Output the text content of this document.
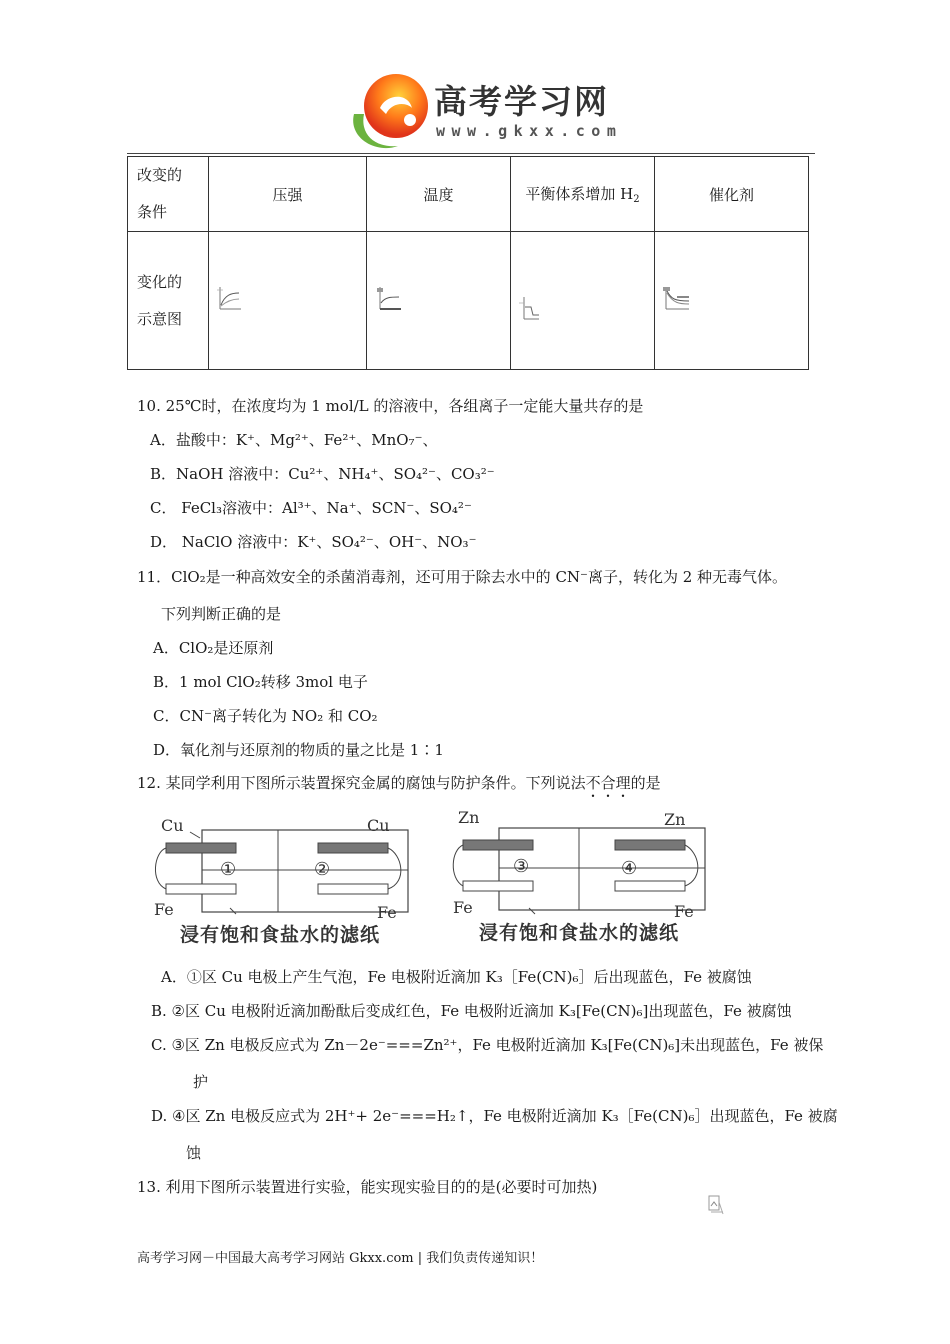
高考学习网
www.gkxx.com
改变的
条件	压强	温度	平衡体系增加 $H_2$	催化剂
变化的
示意图				
10. 25℃时，在浓度均为 1 mol/L 的溶液中，各组离子一定能大量共存的是
A．盐酸中：K⁺、Mg²⁺、Fe²⁺、MnO₇⁻、
B．NaOH 溶液中：Cu²⁺、NH₄⁺、SO₄²⁻、CO₃²⁻
C． FeCl₃溶液中：Al³⁺、Na⁺、SCN⁻、SO₄²⁻
D． NaClO 溶液中：K⁺、SO₄²⁻、OH⁻、NO₃⁻
11．ClO₂是一种高效安全的杀菌消毒剂，还可用于除去水中的 CN⁻离子，转化为 2 种无毒气体。
下列判断正确的是
A．ClO₂是还原剂
B．1 mol ClO₂转移 3mol 电子
C．CN⁻离子转化为 NO₂ 和 CO₂
D．氧化剂与还原剂的物质的量之比是 1∶1
12. 某同学利用下图所示装置探究金属的腐蚀与防护条件。下列说法不合理的是
Cu	Cu
Fe	Fe
①	②
浸有饱和食盐水的滤纸
Zn	Zn
Fe	Fe
③	④
浸有饱和食盐水的滤纸
A．①区 Cu 电极上产生气泡，Fe 电极附近滴加 K₃［Fe(CN)₆］后出现蓝色，Fe 被腐蚀
B. ②区 Cu 电极附近滴加酚酞后变成红色，Fe 电极附近滴加 K₃[Fe(CN)₆]出现蓝色，Fe 被腐蚀
C. ③区 Zn 电极反应式为 Zn－2e⁻===Zn²⁺，Fe 电极附近滴加 K₃[Fe(CN)₆]未出现蓝色，Fe 被保
护
D. ④区 Zn 电极反应式为 2H⁺+ 2e⁻===H₂↑，Fe 电极附近滴加 K₃［Fe(CN)₆］出现蓝色，Fe 被腐
蚀
13. 利用下图所示装置进行实验，能实现实验目的的是(必要时可加热)
高考学习网－中国最大高考学习网站 Gkxx.com | 我们负责传递知识！
